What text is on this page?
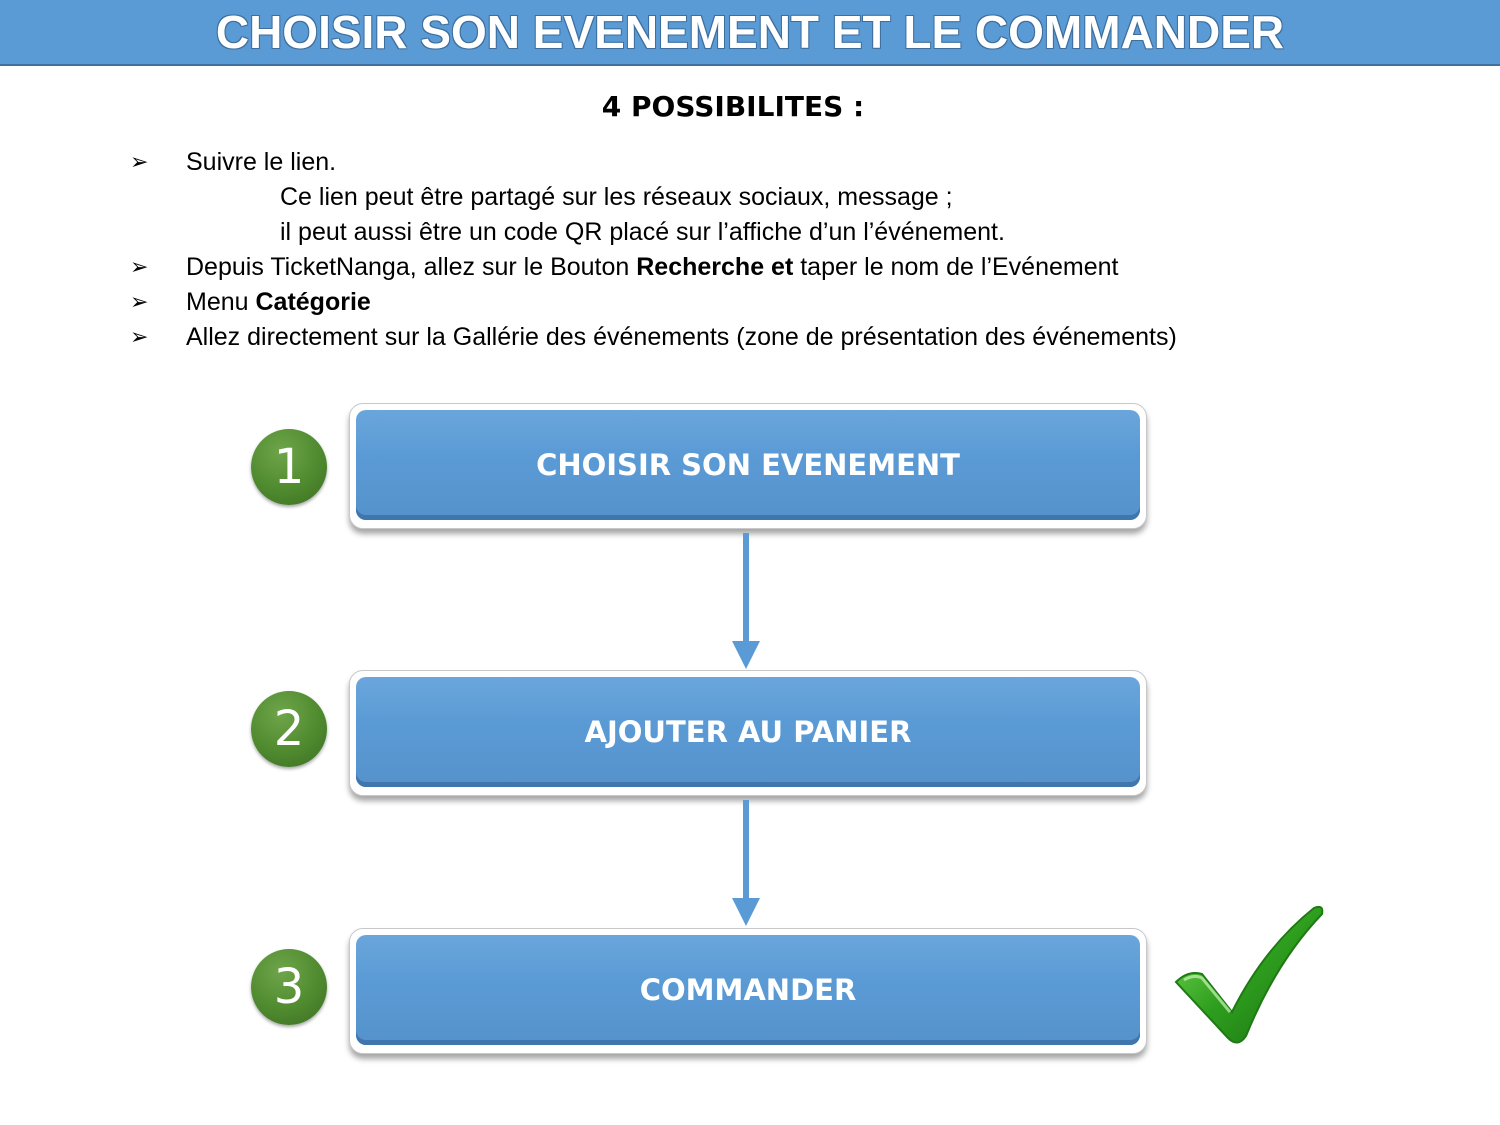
CHOISIR SON EVENEMENT ET LE COMMANDER
4 POSSIBILITES :
➢ Suivre le lien.
Ce lien peut être partagé sur les réseaux sociaux, message ;
il peut aussi être un code QR placé sur l’affiche d’un l’événement.
➢ Depuis TicketNanga, allez sur le Bouton Recherche et taper le nom de l’Evénement
➢ Menu Catégorie
➢ Allez directement sur la Gallérie des événements (zone de présentation des événements)
1	CHOISIR SON EVENEMENT
2	AJOUTER AU PANIER
3	COMMANDER
